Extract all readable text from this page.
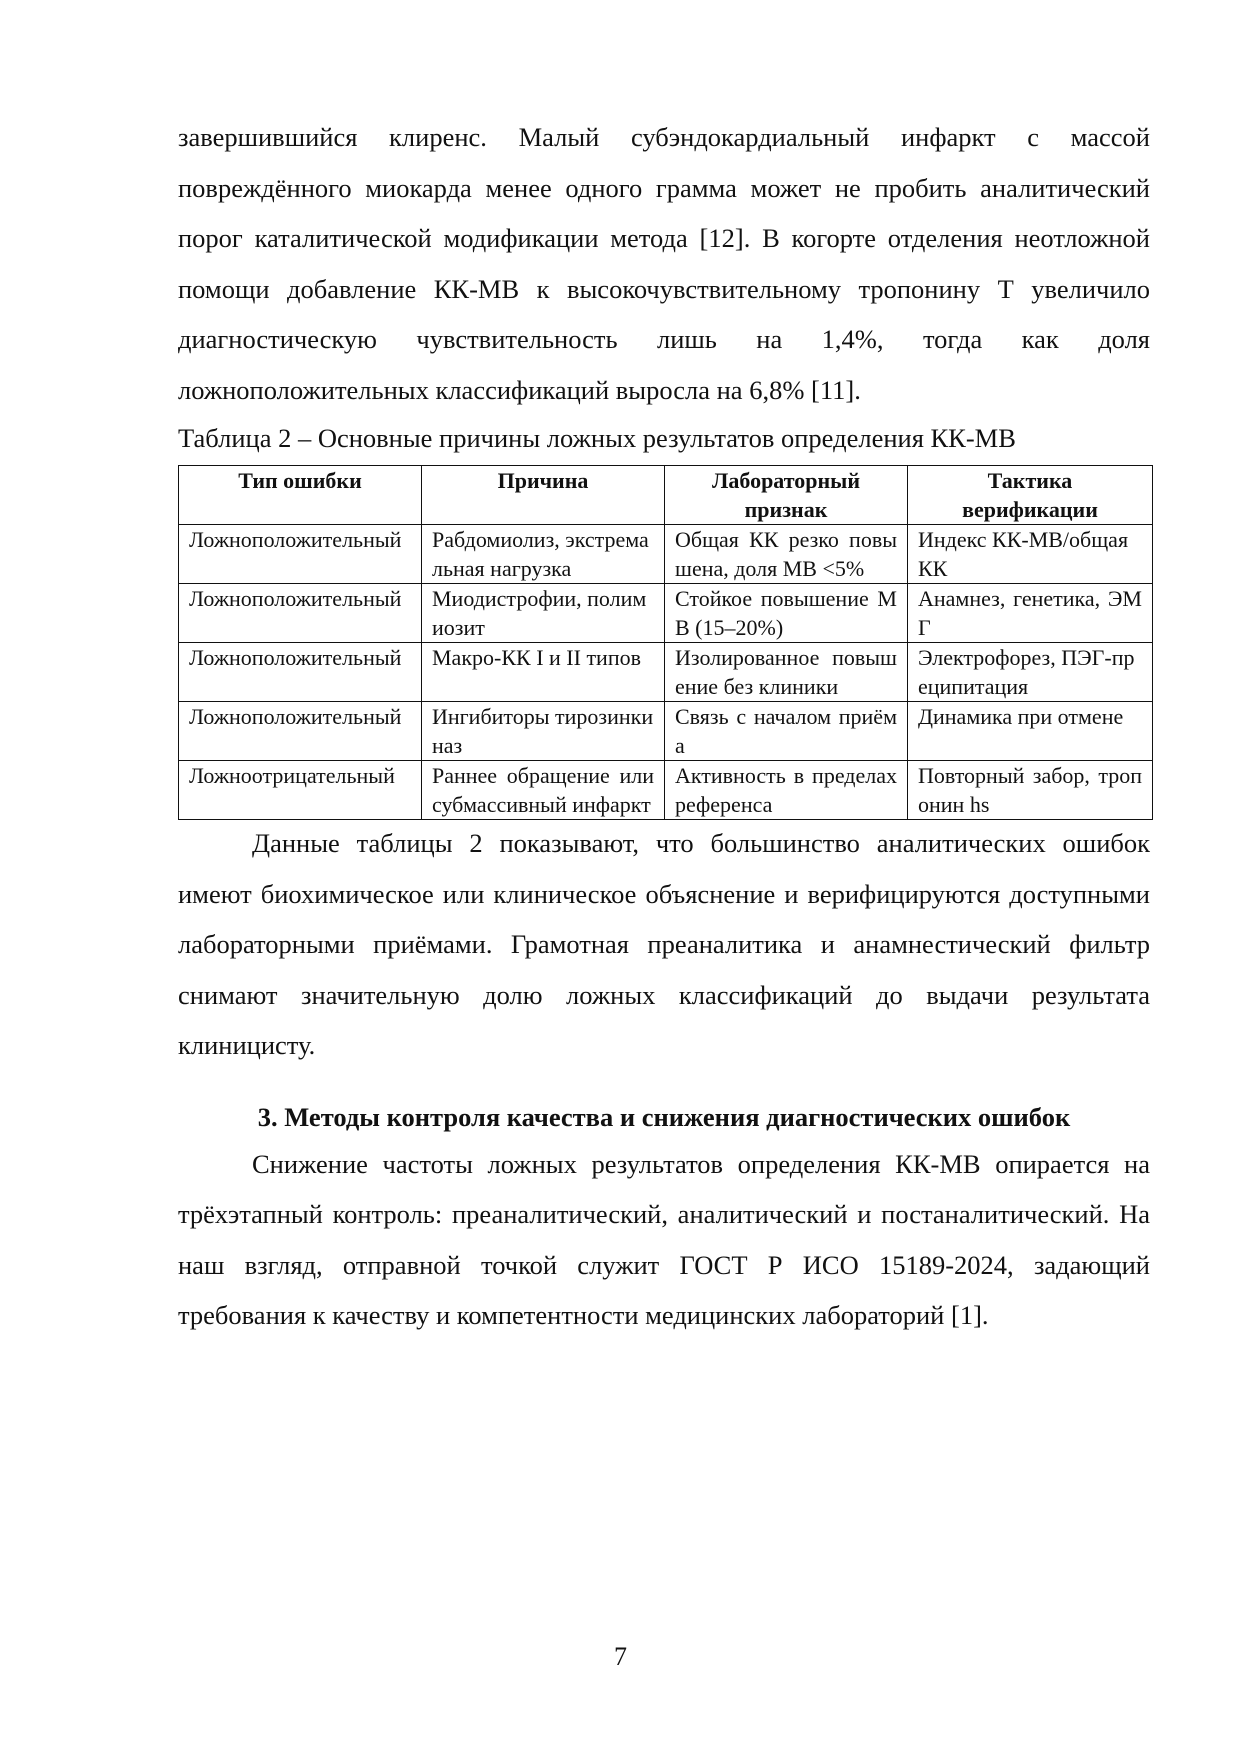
завершившийся клиренс. Малый субэндокардиальный инфаркт с массой повреждённого миокарда менее одного грамма может не пробить аналитический порог каталитической модификации метода [12]. В когорте отделения неотложной помощи добавление КК-МВ к высокочувствительному тропонину Т увеличило диагностическую чувствительность лишь на 1,4%, тогда как доля ложноположительных классификаций выросла на 6,8% [11].

Таблица 2 – Основные причины ложных результатов определения КК-МВ

Тип ошибки	Причина	Лабораторный признак	Тактика верификации
Ложноположительный	Рабдомиолиз, экстремальная нагрузка	Общая КК резко повышена, доля МВ <5%	Индекс КК-МВ/общая КК
Ложноположительный	Миодистрофии, полимиозит	Стойкое повышение МВ (15–20%)	Анамнез, генетика, ЭМГ
Ложноположительный	Макро-КК I и II типов	Изолированное повышение без клиники	Электрофорез, ПЭГ-преципитация
Ложноположительный	Ингибиторы тирозинкиназ	Связь с началом приёма	Динамика при отмене
Ложноотрицательный	Раннее обращение или субмассивный инфаркт	Активность в пределах референса	Повторный забор, тропонин hs

Данные таблицы 2 показывают, что большинство аналитических ошибок имеют биохимическое или клиническое объяснение и верифицируются доступными лабораторными приёмами. Грамотная преаналитика и анамнестический фильтр снимают значительную долю ложных классификаций до выдачи результата клиницисту.

3. Методы контроля качества и снижения диагностических ошибок

Снижение частоты ложных результатов определения КК-МВ опирается на трёхэтапный контроль: преаналитический, аналитический и постаналитический. На наш взгляд, отправной точкой служит ГОСТ Р ИСО 15189-2024, задающий требования к качеству и компетентности медицинских лабораторий [1].

7
